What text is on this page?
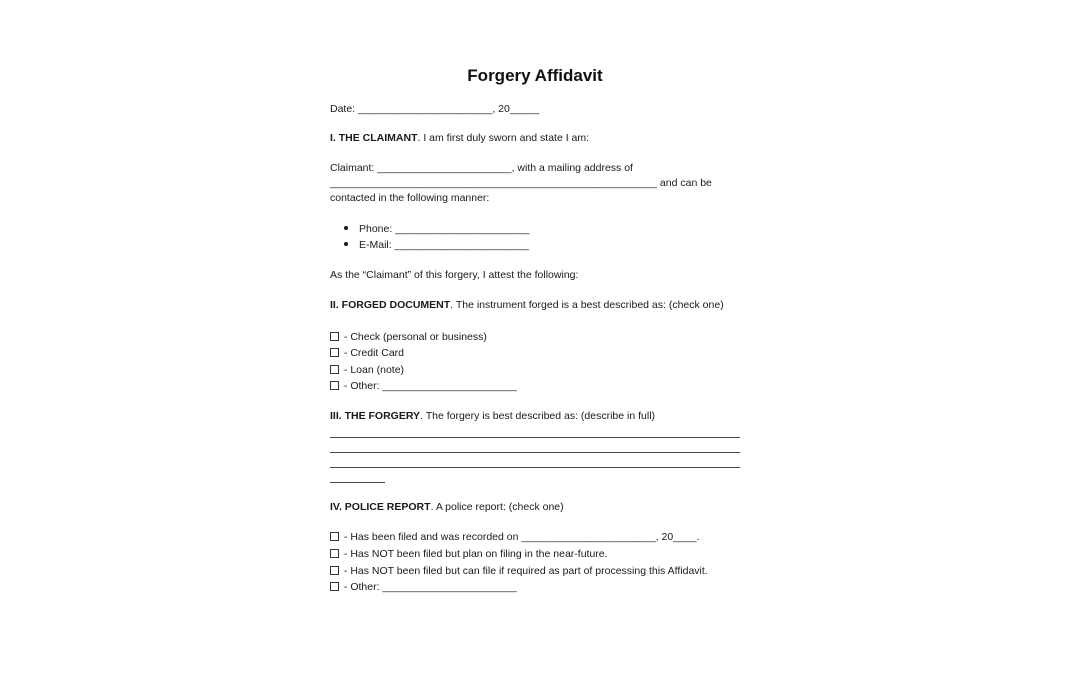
Forgery Affidavit
Date: _______________________, 20_____
I. THE CLAIMANT. I am first duly sworn and state I am:
Claimant: _______________________, with a mailing address of
________________________________________________________ and can be
contacted in the following manner:
Phone: _______________________
E-Mail: _______________________
As the “Claimant” of this forgery, I attest the following:
II. FORGED DOCUMENT. The instrument forged is a best described as: (check one)
- Check (personal or business)
- Credit Card
- Loan (note)
- Other: _______________________
III. THE FORGERY. The forgery is best described as: (describe in full)
IV. POLICE REPORT. A police report: (check one)
- Has been filed and was recorded on _______________________, 20____.
- Has NOT been filed but plan on filing in the near-future.
- Has NOT been filed but can file if required as part of processing this Affidavit.
- Other: _______________________
